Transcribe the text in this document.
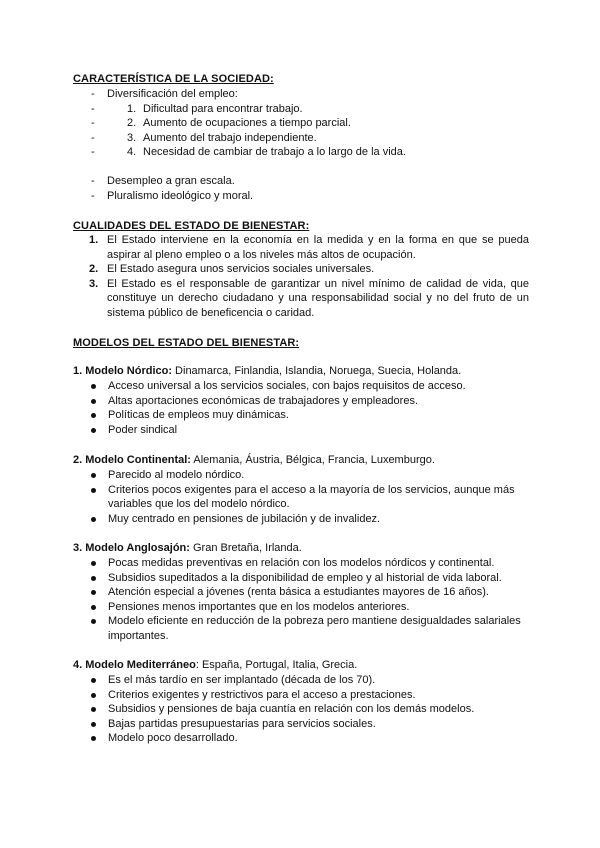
CARACTERÍSTICA DE LA SOCIEDAD:
- Diversificación del empleo:
- 1. Dificultad para encontrar trabajo.
- 2. Aumento de ocupaciones a tiempo parcial.
- 3. Aumento del trabajo independiente.
- 4. Necesidad de cambiar de trabajo a lo largo de la vida.
- Desempleo a gran escala.
- Pluralismo ideológico y moral.
CUALIDADES DEL ESTADO DE BIENESTAR:
1. El Estado interviene en la economía en la medida y en la forma en que se pueda aspirar al pleno empleo o a los niveles más altos de ocupación.
2. El Estado asegura unos servicios sociales universales.
3. El Estado es el responsable de garantizar un nivel mínimo de calidad de vida, que constituye un derecho ciudadano y una responsabilidad social y no del fruto de un sistema público de beneficencia o caridad.
MODELOS DEL ESTADO DEL BIENESTAR:
1. Modelo Nórdico: Dinamarca, Finlandia, Islandia, Noruega, Suecia, Holanda.
Acceso universal a los servicios sociales, con bajos requisitos de acceso.
Altas aportaciones económicas de trabajadores y empleadores.
Políticas de empleos muy dinámicas.
Poder sindical
2. Modelo Continental: Alemania, Áustria, Bélgica, Francia, Luxemburgo.
Parecido al modelo nórdico.
Criterios pocos exigentes para el acceso a la mayoría de los servicios, aunque más variables que los del modelo nórdico.
Muy centrado en pensiones de jubilación y de invalidez.
3. Modelo Anglosajón: Gran Bretaña, Irlanda.
Pocas medidas preventivas en relación con los modelos nórdicos y continental.
Subsidios supeditados a la disponibilidad de empleo y al historial de vida laboral.
Atención especial a jóvenes (renta básica a estudiantes mayores de 16 años).
Pensiones menos importantes que en los modelos anteriores.
Modelo eficiente en reducción de la pobreza pero mantiene desigualdades salariales importantes.
4. Modelo Mediterráneo: España, Portugal, Italia, Grecia.
Es el más tardío en ser implantado (década de los 70).
Criterios exigentes y restrictivos para el acceso a prestaciones.
Subsidios y pensiones de baja cuantía en relación con los demás modelos.
Bajas partidas presupuestarias para servicios sociales.
Modelo poco desarrollado.
